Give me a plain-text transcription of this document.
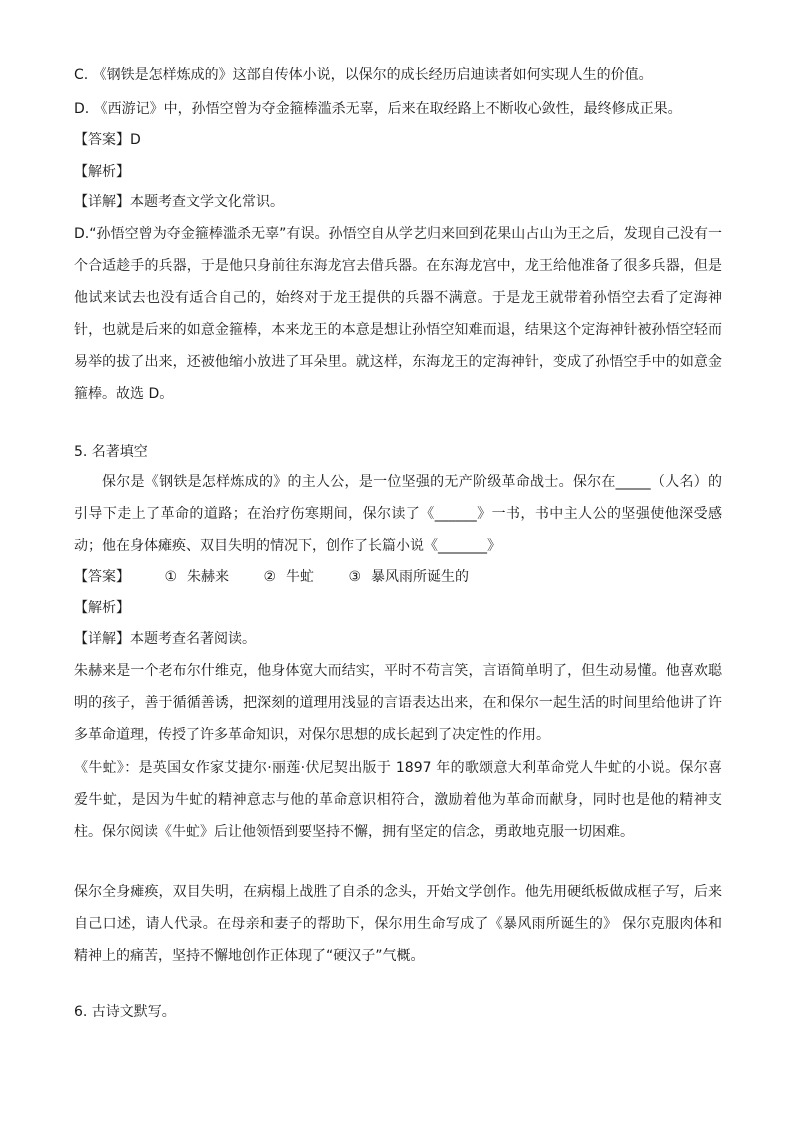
C. 《钢铁是怎样炼成的》这部自传体小说，以保尔的成长经历启迪读者如何实现人生的价值。
D. 《西游记》中，孙悟空曾为夺金箍棒滥杀无辜，后来在取经路上不断收心敛性，最终修成正果。
【答案】D
【解析】
【详解】本题考查文学文化常识。
D.“孙悟空曾为夺金箍棒滥杀无辜”有误。孙悟空自从学艺归来回到花果山占山为王之后，发现自己没有一个合适趁手的兵器，于是他只身前往东海龙宫去借兵器。在东海龙宫中，龙王给他准备了很多兵器，但是他试来试去也没有适合自己的，始终对于龙王提供的兵器不满意。于是龙王就带着孙悟空去看了定海神针，也就是后来的如意金箍棒，本来龙王的本意是想让孙悟空知难而退，结果这个定海神针被孙悟空轻而易举的拔了出来，还被他缩小放进了耳朵里。就这样，东海龙王的定海神针，变成了孙悟空手中的如意金箍棒。故选 D。
5. 名著填空
保尔是《钢铁是怎样炼成的》的主人公，是一位坚强的无产阶级革命战士。保尔在_____（人名）的引导下走上了革命的道路；在治疗伤寒期间，保尔读了《______》一书，书中主人公的坚强使他深受感动；他在身体瘫痪、双目失明的情况下，创作了长篇小说《_______》
【答案】 ① 朱赫来 ② 牛虻 ③ 暴风雨所诞生的
【解析】
【详解】本题考查名著阅读。
朱赫来是一个老布尔什维克，他身体宽大而结实，平时不苟言笑，言语简单明了，但生动易懂。他喜欢聪明的孩子，善于循循善诱，把深刻的道理用浅显的言语表达出来，在和保尔一起生活的时间里给他讲了许多革命道理，传授了许多革命知识，对保尔思想的成长起到了决定性的作用。
《牛虻》：是英国女作家艾捷尔·丽莲·伏尼契出版于 1897 年的歌颂意大利革命党人牛虻的小说。保尔喜爱牛虻，是因为牛虻的精神意志与他的革命意识相符合，激励着他为革命而献身，同时也是他的精神支柱。保尔阅读《牛虻》后让他领悟到要坚持不懈，拥有坚定的信念，勇敢地克服一切困难。
保尔全身瘫痪，双目失明，在病榻上战胜了自杀的念头，开始文学创作。他先用硬纸板做成框子写，后来自己口述，请人代录。在母亲和妻子的帮助下，保尔用生命写成了《暴风雨所诞生的》 保尔克服肉体和精神上的痛苦，坚持不懈地创作正体现了“硬汉子”气概。
6. 古诗文默写。
